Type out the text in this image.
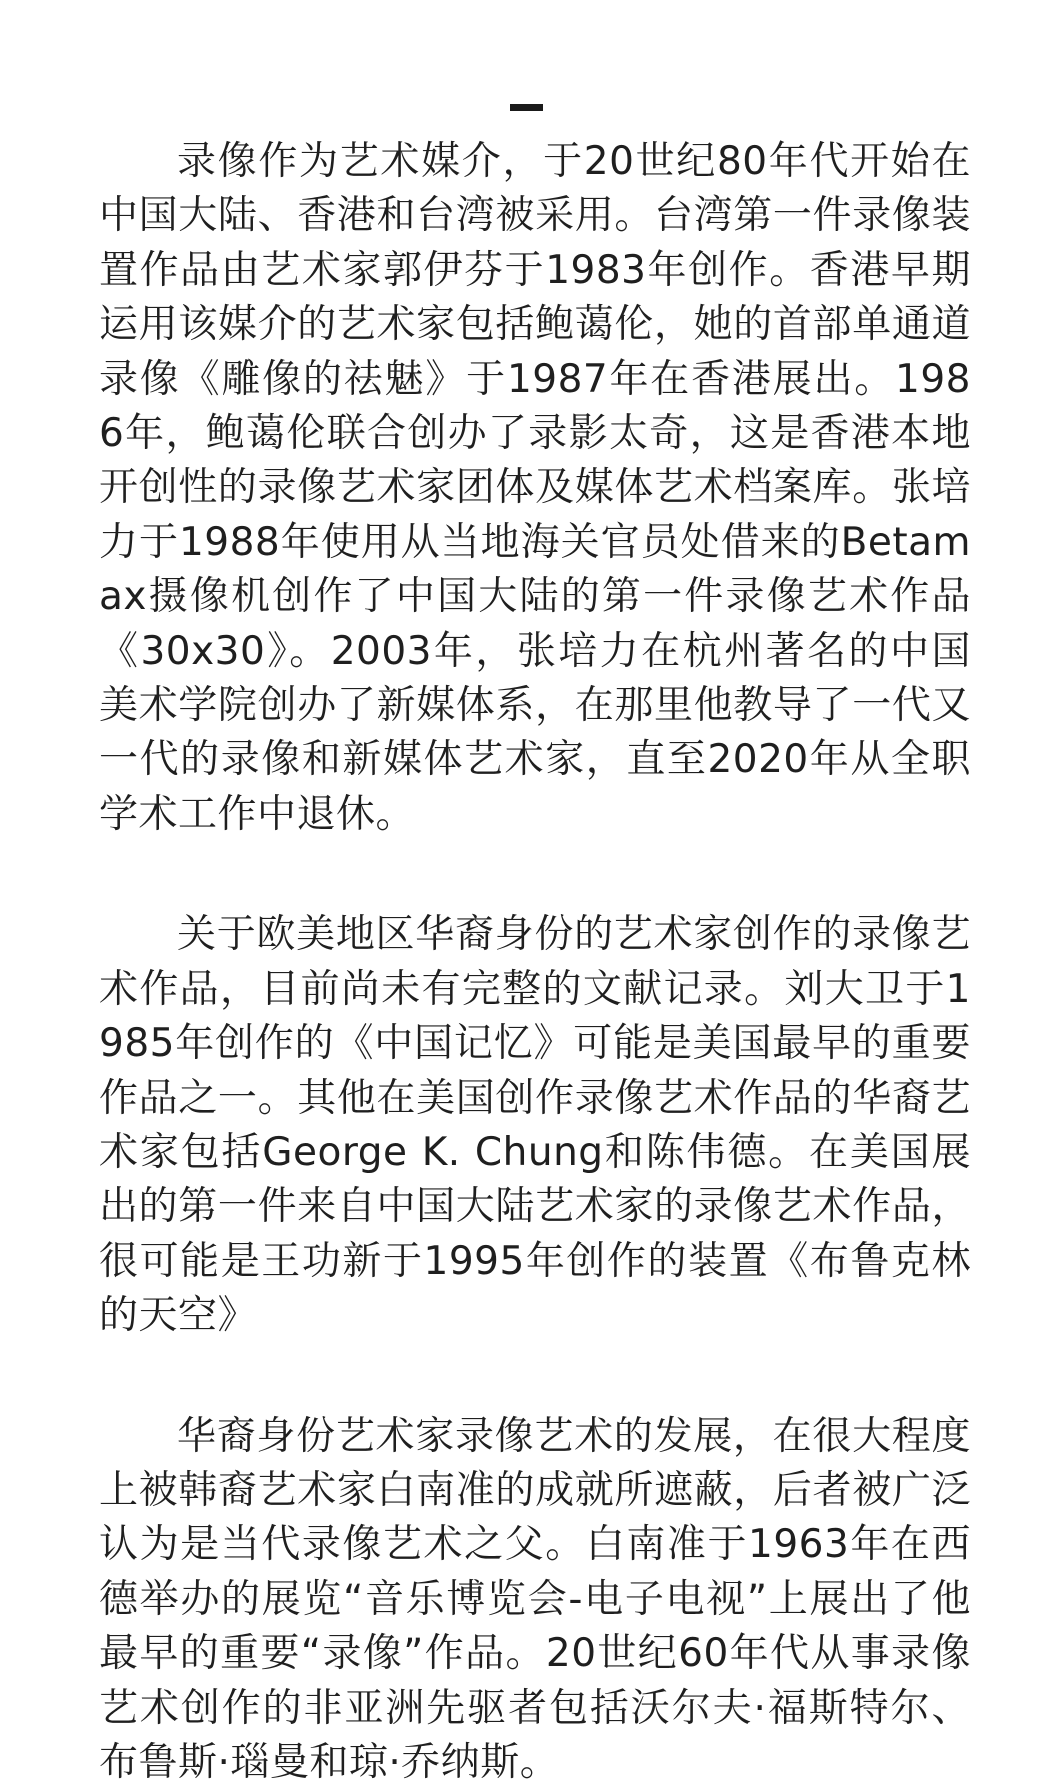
录像作为艺术媒介，于20世纪80年代开始在中国大陆、香港和台湾被采用。台湾第一件录像装置作品由艺术家郭伊芬于1983年创作。香港早期运用该媒介的艺术家包括鲍蔼伦，她的首部单通道录像《雕像的祛魅》于1987年在香港展出。1986年，鲍蔼伦联合创办了录影太奇，这是香港本地开创性的录像艺术家团体及媒体艺术档案库。张培力于1988年使用从当地海关官员处借来的Betamax摄像机创作了中国大陆的第一件录像艺术作品《30x30》。2003年，张培力在杭州著名的中国美术学院创办了新媒体系，在那里他教导了一代又一代的录像和新媒体艺术家，直至2020年从全职学术工作中退休。

关于欧美地区华裔身份的艺术家创作的录像艺术作品，目前尚未有完整的文献记录。刘大卫于1985年创作的《中国记忆》可能是美国最早的重要作品之一。其他在美国创作录像艺术作品的华裔艺术家包括George K. Chung和陈伟德。在美国展出的第一件来自中国大陆艺术家的录像艺术作品，很可能是王功新于1995年创作的装置《布鲁克林的天空》

华裔身份艺术家录像艺术的发展，在很大程度上被韩裔艺术家白南准的成就所遮蔽，后者被广泛认为是当代录像艺术之父。白南准于1963年在西德举办的展览“音乐博览会-电子电视”上展出了他最早的重要“录像”作品。20世纪60年代从事录像艺术创作的非亚洲先驱者包括沃尔夫·福斯特尔、布鲁斯·瑙曼和琼·乔纳斯。
